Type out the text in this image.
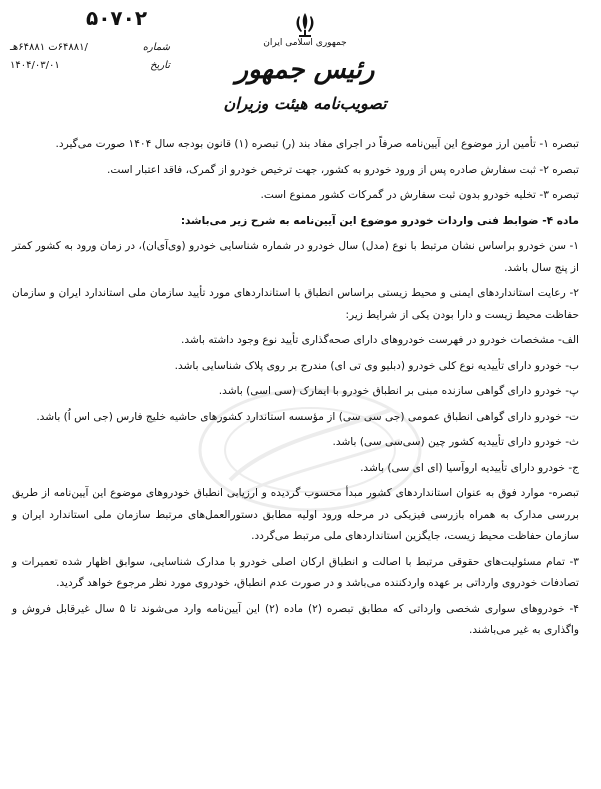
۵۰۷۰۲
شماره
/۶۴۸۸۱ت ۶۴۸۸۱هـ
تاریخ
۱۴۰۴/۰۳/۰۱
جمهوری اسلامی ایران
رئیس جمهور
تصویب‌نامه هیئت وزیران

تبصره ۱- تأمین ارز موضوع این آیین‌نامه صرفاً در اجرای مفاد بند (ر) تبصره (۱) قانون بودجه سال ۱۴۰۴ صورت می‌گیرد.

تبصره ۲- ثبت سفارش صادره پس از ورود خودرو به کشور، جهت ترخیص خودرو از گمرک، فاقد اعتبار است.

تبصره ۳- تخلیه خودرو بدون ثبت سفارش در گمرکات کشور ممنوع است.

ماده ۴- ضوابط فنی واردات خودرو موضوع این آیین‌نامه به شرح زیر می‌باشد:

۱- سن خودرو براساس نشان مرتبط با نوع (مدل) سال خودرو در شماره شناسایی خودرو (وی‌آی‌ان)، در زمان ورود به کشور کمتر از پنج سال باشد.

۲- رعایت استانداردهای ایمنی و محیط زیستی براساس انطباق با استانداردهای مورد تأیید سازمان ملی استاندارد ایران و سازمان حفاظت محیط زیست و دارا بودن یکی از شرایط زیر:

الف- مشخصات خودرو در فهرست خودروهای دارای صحه‌گذاری تأیید نوع وجود داشته باشد.

ب- خودرو دارای تأییدیه نوع کلی خودرو (دبلیو وی تی ای) مندرج بر روی پلاک شناسایی باشد.

پ- خودرو دارای گواهی سازنده مبنی بر انطباق خودرو با ایمارک (سی اسی) باشد.

ت- خودرو دارای گواهی انطباق عمومی (جی سی سی) از مؤسسه استاندارد کشورهای حاشیه خلیج فارس (جی اس اُ) باشد.

ث- خودرو دارای تأییدیه کشور چین (سی‌سی سی) باشد.

ج- خودرو دارای تأییدیه اروآسیا (ای ای سی) باشد.

تبصره- موارد فوق به عنوان استانداردهای کشور مبدأ محسوب گردیده و ارزیابی انطباق خودروهای موضوع این آیین‌نامه از طریق بررسی مدارک به همراه بازرسی فیزیکی در مرحله ورود اولیه مطابق دستورالعمل‌های مرتبط سازمان ملی استاندارد ایران و سازمان حفاظت محیط زیست، جایگزین استانداردهای ملی مرتبط می‌گردد.

۳- تمام مسئولیت‌های حقوقی مرتبط با اصالت و انطباق ارکان اصلی خودرو با مدارک شناسایی، سوابق اظهار شده تعمیرات و تصادفات خودروی وارداتی بر عهده واردکننده می‌باشد و در صورت عدم انطباق، خودروی مورد نظر مرجوع خواهد گردید.

۴- خودروهای سواری شخصی وارداتی که مطابق تبصره (۲) ماده (۲) این آیین‌نامه وارد می‌شوند تا ۵ سال غیرقابل فروش و واگذاری به غیر می‌باشند.
